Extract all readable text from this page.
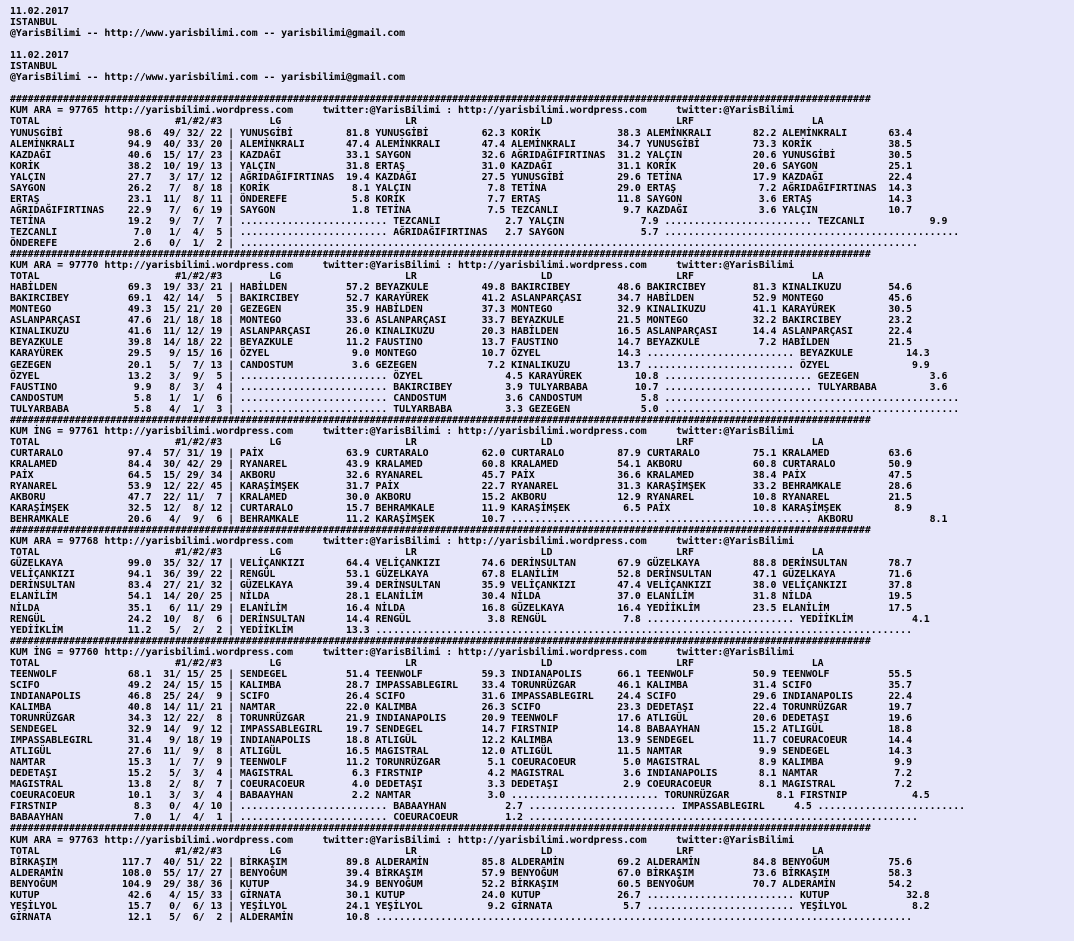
11.02.2017
ISTANBUL
@YarisBilimi -- http://www.yarisbilimi.com -- yarisbilimi@gmail.com

11.02.2017
ISTANBUL
@YarisBilimi -- http://www.yarisbilimi.com -- yarisbilimi@gmail.com

##################################################################################################################################################
KUM ARA = 97765 http://yarisbilimi.wordpress.com     twitter:@YarisBilimi : http://yarisbilimi.wordpress.com     twitter:@YarisBilimi
TOTAL                       #1/#2/#3        LG                     LR                     LD                     LRF                    LA
YUNUSGİBİ           98.6  49/ 32/ 22 | YUNUSGİBİ         81.8 YUNUSGİBİ         62.3 KORİK             38.3 ALEMİNKRALI       82.2 ALEMİNKRALI       63.4
ALEMİNKRALI         94.9  40/ 33/ 20 | ALEMİNKRALI       47.4 ALEMİNKRALI       47.4 ALEMİNKRALI       34.7 YUNUSGİBİ         73.3 KORİK             38.5
KAZDAĞI             40.6  15/ 17/ 23 | KAZDAĞI           33.1 SAYGON            32.6 AĞRIDAĞIFIRTINAS  31.2 YALÇIN            20.6 YUNUSGİBİ         30.5
KORİK               38.2  10/ 19/ 13 | YALÇIN            31.8 ERTAŞ             31.0 KAZDAĞI           31.1 KORİK             20.6 SAYGON            25.1
YALÇIN              27.7   3/ 17/ 12 | AĞRIDAĞIFIRTINAS  19.4 KAZDAĞI           27.5 YUNUSGİBİ         29.6 TETİNA            17.9 KAZDAĞI           22.4
SAYGON              26.2   7/  8/ 18 | KORİK              8.1 YALÇIN             7.8 TETİNA            29.0 ERTAŞ              7.2 AĞRIDAĞIFIRTINAS  14.3
ERTAŞ               23.1  11/  8/ 11 | ÖNDEREFE           5.8 KORİK              7.7 ERTAŞ             11.8 SAYGON             3.6 ERTAŞ             14.3
AĞRIDAĞIFIRTINAS    22.9   7/  6/ 19 | SAYGON             1.8 TETİNA             7.5 TEZCANLI           9.7 KAZDAĞI            3.6 YALÇIN            10.7
TETİNA              19.2   9/  7/  7 | ......................... TEZCANLI           2.7 YALÇIN             7.9 ......................... TEZCANLI           9.9
TEZCANLI             7.0   1/  4/  5 | ......................... AĞRIDAĞIFIRTINAS   2.7 SAYGON             5.7 ..................................................
ÖNDEREFE             2.6   0/  1/  2 | ...................................................................................................................
##################################################################################################################################################
KUM ARA = 97770 http://yarisbilimi.wordpress.com     twitter:@YarisBilimi : http://yarisbilimi.wordpress.com     twitter:@YarisBilimi
TOTAL                       #1/#2/#3        LG                     LR                     LD                     LRF                    LA
HABİLDEN            69.3  19/ 33/ 21 | HABİLDEN          57.2 BEYAZKULE         49.8 BAKIRCIBEY        48.6 BAKIRCIBEY        81.3 KINALIKUZU        54.6
BAKIRCIBEY          69.1  42/ 14/  5 | BAKIRCIBEY        52.7 KARAYÜREK         41.2 ASLANPARÇASI      34.7 HABİLDEN          52.9 MONTEGO           45.6
MONTEGO             49.3  15/ 21/ 20 | GEZEGEN           35.9 HABİLDEN          37.3 MONTEGO           32.9 KINALIKUZU        41.1 KARAYÜREK         30.5
ASLANPARÇASI        47.6  21/ 18/ 18 | MONTEGO           33.6 ASLANPARÇASI      33.7 BEYAZKULE         21.5 MONTEGO           32.2 BAKIRCIBEY        23.2
KINALIKUZU          41.6  11/ 12/ 19 | ASLANPARÇASI      26.0 KINALIKUZU        20.3 HABİLDEN          16.5 ASLANPARÇASI      14.4 ASLANPARÇASI      22.4
BEYAZKULE           39.8  14/ 18/ 22 | BEYAZKULE         11.2 FAUSTINO          13.7 FAUSTINO          14.7 BEYAZKULE          7.2 HABİLDEN          21.5
KARAYÜREK           29.5   9/ 15/ 16 | ÖZYEL              9.0 MONTEGO           10.7 ÖZYEL             14.3 ......................... BEYAZKULE         14.3
GEZEGEN             20.1   5/  7/ 13 | CANDOSTUM          3.6 GEZEGEN            7.2 KINALIKUZU        13.7 ......................... ÖZYEL              9.9
ÖZYEL               13.2   3/  9/  5 | ......................... ÖZYEL              4.5 KARAYÜREK         10.8 ......................... GEZEGEN            3.6
FAUSTINO             9.9   8/  3/  4 | ......................... BAKIRCIBEY         3.9 TULYARBABA        10.7 ......................... TULYARBABA         3.6
CANDOSTUM            5.8   1/  1/  6 | ......................... CANDOSTUM          3.6 CANDOSTUM          5.8 ..................................................
TULYARBABA           5.8   4/  1/  3 | ......................... TULYARBABA         3.3 GEZEGEN            5.0 ..................................................
##################################################################################################################################################
KUM İNG = 97761 http://yarisbilimi.wordpress.com     twitter:@YarisBilimi : http://yarisbilimi.wordpress.com     twitter:@YarisBilimi
TOTAL                       #1/#2/#3        LG                     LR                     LD                     LRF                    LA
CURTARALO           97.4  57/ 31/ 19 | PAİX              63.9 CURTARALO         62.0 CURTARALO         87.9 CURTARALO         75.1 KRALAMED          63.6
KRALAMED            84.4  30/ 42/ 29 | RYANAREL          43.9 KRALAMED          60.8 KRALAMED          54.1 AKBORU            60.8 CURTARALO         50.9
PAİX                64.5  15/ 29/ 34 | AKBORU            32.6 RYANAREL          45.7 PAİX              36.6 KRALAMED          38.4 PAİX              47.5
RYANAREL            53.9  12/ 22/ 45 | KARAŞİMŞEK        31.7 PAİX              22.7 RYANAREL          31.3 KARAŞİMŞEK        33.2 BEHRAMKALE        28.6
AKBORU              47.7  22/ 11/  7 | KRALAMED          30.0 AKBORU            15.2 AKBORU            12.9 RYANAREL          10.8 RYANAREL          21.5
KARAŞİMŞEK          32.5  12/  8/ 12 | CURTARALO         15.7 BEHRAMKALE        11.9 KARAŞİMŞEK         6.5 PAİX              10.8 KARAŞİMŞEK         8.9
BEHRAMKALE          20.6   4/  9/  6 | BEHRAMKALE        11.2 KARAŞİMŞEK        10.7 ......................... ......................... AKBORU             8.1
##################################################################################################################################################
KUM ARA = 97768 http://yarisbilimi.wordpress.com     twitter:@YarisBilimi : http://yarisbilimi.wordpress.com     twitter:@YarisBilimi
TOTAL                       #1/#2/#3        LG                     LR                     LD                     LRF                    LA
GÜZELKAYA           99.0  35/ 32/ 17 | VELİÇANKIZI       64.4 VELİÇANKIZI       74.6 DERİNSULTAN       67.9 GÜZELKAYA         88.8 DERİNSULTAN       78.7
VELİÇANKIZI         94.1  36/ 39/ 22 | RENGÜL            53.1 GÜZELKAYA         67.8 ELANİLİM          52.8 DERİNSULTAN       47.1 GÜZELKAYA         71.6
DERİNSULTAN         83.4  27/ 21/ 32 | GÜZELKAYA         39.4 DERİNSULTAN       35.9 VELİÇANKIZI       47.4 VELİÇANKIZI       38.0 VELİÇANKIZI       37.8
ELANİLİM            54.1  14/ 20/ 25 | NİLDA             28.1 ELANİLİM          30.4 NİLDA             37.0 ELANİLİM          31.8 NİLDA             19.5
NİLDA               35.1   6/ 11/ 29 | ELANİLİM          16.4 NİLDA             16.8 GÜZELKAYA         16.4 YEDİİKLİM         23.5 ELANİLİM          17.5
RENGÜL              24.2  10/  8/  6 | DERİNSULTAN       14.4 RENGÜL             3.8 RENGÜL             7.8 ......................... YEDİİKLİM          4.1
YEDİİKLİM           11.2   5/  2/  2 | YEDİİKLİM         13.3 ...........................................................................................
##################################################################################################################################################
KUM İNG = 97760 http://yarisbilimi.wordpress.com     twitter:@YarisBilimi : http://yarisbilimi.wordpress.com     twitter:@YarisBilimi
TOTAL                       #1/#2/#3        LG                     LR                     LD                     LRF                    LA
TEENWOLF            68.1  31/ 15/ 25 | SENDEGEL          51.4 TEENWOLF          59.3 INDIANAPOLIS      66.1 TEENWOLF          50.9 TEENWOLF          55.5
SCIFO               49.2  24/ 15/ 15 | KALIMBA           28.7 IMPASSABLEGIRL    33.4 TORUNRÜZGAR       46.1 KALIMBA           31.4 SCIFO             35.7
INDIANAPOLIS        46.8  25/ 24/  9 | SCIFO             26.4 SCIFO             31.6 IMPASSABLEGIRL    24.4 SCIFO             29.6 INDIANAPOLIS      22.4
KALIMBA             40.8  14/ 11/ 21 | NAMTAR            22.0 KALIMBA           26.3 SCIFO             23.3 DEDETAŞI          22.4 TORUNRÜZGAR       19.7
TORUNRÜZGAR         34.3  12/ 22/  8 | TORUNRÜZGAR       21.9 INDIANAPOLIS      20.9 TEENWOLF          17.6 ATLIGÜL           20.6 DEDETAŞI          19.6
SENDEGEL            32.9  14/  9/ 12 | IMPASSABLEGIRL    19.7 SENDEGEL          14.7 FIRSTNIP          14.8 BABAAYHAN         15.2 ATLIGÜL           18.8
IMPASSABLEGIRL      31.4   9/ 18/ 19 | INDIANAPOLIS      18.8 ATLIGÜL           12.2 KALIMBA           13.9 SENDEGEL          11.7 COEURACOEUR       14.4
ATLIGÜL             27.6  11/  9/  8 | ATLIGÜL           16.5 MAGISTRAL         12.0 ATLIGÜL           11.5 NAMTAR             9.9 SENDEGEL          14.3
NAMTAR              15.3   1/  7/  9 | TEENWOLF          11.2 TORUNRÜZGAR        5.1 COEURACOEUR        5.0 MAGISTRAL          8.9 KALIMBA            9.9
DEDETAŞI            15.2   5/  3/  4 | MAGISTRAL          6.3 FIRSTNIP           4.2 MAGISTRAL          3.6 INDIANAPOLIS       8.1 NAMTAR             7.2
MAGISTRAL           13.8   2/  8/  7 | COEURACOEUR        4.0 DEDETAŞI           3.3 DEDETAŞI           2.9 COEURACOEUR        8.1 MAGISTRAL          7.2
COEURACOEUR         10.1   3/  3/  4 | BABAAYHAN          2.2 NAMTAR             3.0 ......................... TORUNRÜZGAR        8.1 FIRSTNIP           4.5
FIRSTNIP             8.3   0/  4/ 10 | ......................... BABAAYHAN          2.7 ......................... IMPASSABLEGIRL     4.5 .........................
BABAAYHAN            7.0   1/  4/  1 | ......................... COEURACOEUR        1.2 ..................................................................
##################################################################################################################################################
KUM ARA = 97763 http://yarisbilimi.wordpress.com     twitter:@YarisBilimi : http://yarisbilimi.wordpress.com     twitter:@YarisBilimi
TOTAL                       #1/#2/#3        LG                     LR                     LD                     LRF                    LA
BİRKAŞIM           117.7  40/ 51/ 22 | BİRKAŞIM          89.8 ALDERAMİN         85.8 ALDERAMİN         69.2 ALDERAMİN         84.8 BENYOĞUM          75.6
ALDERAMİN          108.0  55/ 17/ 27 | BENYOĞUM          39.4 BİRKAŞIM          57.9 BENYOĞUM          67.0 BİRKAŞIM          73.6 BİRKAŞIM          58.3
BENYOĞUM           104.9  29/ 38/ 36 | KUTUP             34.9 BENYOĞUM          52.2 BİRKAŞIM          60.5 BENYOĞUM          70.7 ALDERAMİN         54.2
KUTUP               42.6   4/ 15/ 33 | GİRNATA           30.1 KUTUP             24.0 KUTUP             26.7 ......................... KUTUP             32.8
YEŞİLYOL            15.7   0/  6/ 13 | YEŞİLYOL          24.1 YEŞİLYOL           9.2 GİRNATA            5.7 ......................... YEŞİLYOL           8.2
GİRNATA             12.1   5/  6/  2 | ALDERAMİN         10.8 ...........................................................................................
